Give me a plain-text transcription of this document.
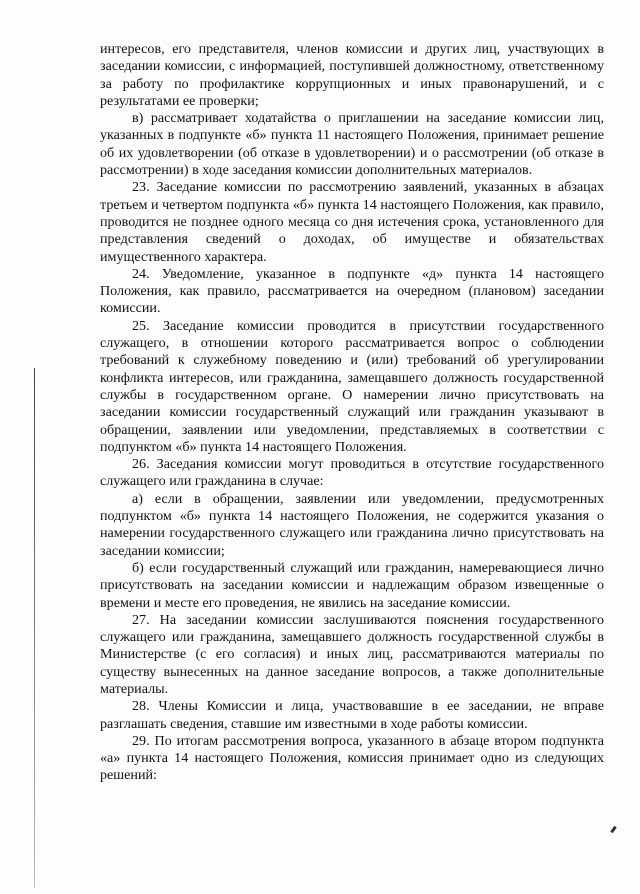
интересов, его представителя, членов комиссии и других лиц, участвующих в заседании комиссии, с информацией, поступившей должностному, ответственному за работу по профилактике коррупционных и иных правонарушений, и с результатами ее проверки;

в) рассматривает ходатайства о приглашении на заседание комиссии лиц, указанных в подпункте «б» пункта 11 настоящего Положения, принимает решение об их удовлетворении (об отказе в удовлетворении) и о рассмотрении (об отказе в рассмотрении) в ходе заседания комиссии дополнительных материалов.

23. Заседание комиссии по рассмотрению заявлений, указанных в абзацах третьем и четвертом подпункта «б» пункта 14 настоящего Положения, как правило, проводится не позднее одного месяца со дня истечения срока, установленного для представления сведений о доходах, об имуществе и обязательствах имущественного характера.

24. Уведомление, указанное в подпункте «д» пункта 14 настоящего Положения, как правило, рассматривается на очередном (плановом) заседании комиссии.

25. Заседание комиссии проводится в присутствии государственного служащего, в отношении которого рассматривается вопрос о соблюдении требований к служебному поведению и (или) требований об урегулировании конфликта интересов, или гражданина, замещавшего должность государственной службы в государственном органе. О намерении лично присутствовать на заседании комиссии государственный служащий или гражданин указывают в обращении, заявлении или уведомлении, представляемых в соответствии с подпунктом «б» пункта 14 настоящего Положения.

26. Заседания комиссии могут проводиться в отсутствие государственного служащего или гражданина в случае:

а) если в обращении, заявлении или уведомлении, предусмотренных подпунктом «б» пункта 14 настоящего Положения, не содержится указания о намерении государственного служащего или гражданина лично присутствовать на заседании комиссии;

б) если государственный служащий или гражданин, намеревающиеся лично присутствовать на заседании комиссии и надлежащим образом извещенные о времени и месте его проведения, не явились на заседание комиссии.

27. На заседании комиссии заслушиваются пояснения государственного служащего или гражданина, замещавшего должность государственной службы в Министерстве (с его согласия) и иных лиц, рассматриваются материалы по существу вынесенных на данное заседание вопросов, а также дополнительные материалы.

28. Члены Комиссии и лица, участвовавшие в ее заседании, не вправе разглашать сведения, ставшие им известными в ходе работы комиссии.

29. По итогам рассмотрения вопроса, указанного в абзаце втором подпункта «а» пункта 14 настоящего Положения, комиссия принимает одно из следующих решений:
